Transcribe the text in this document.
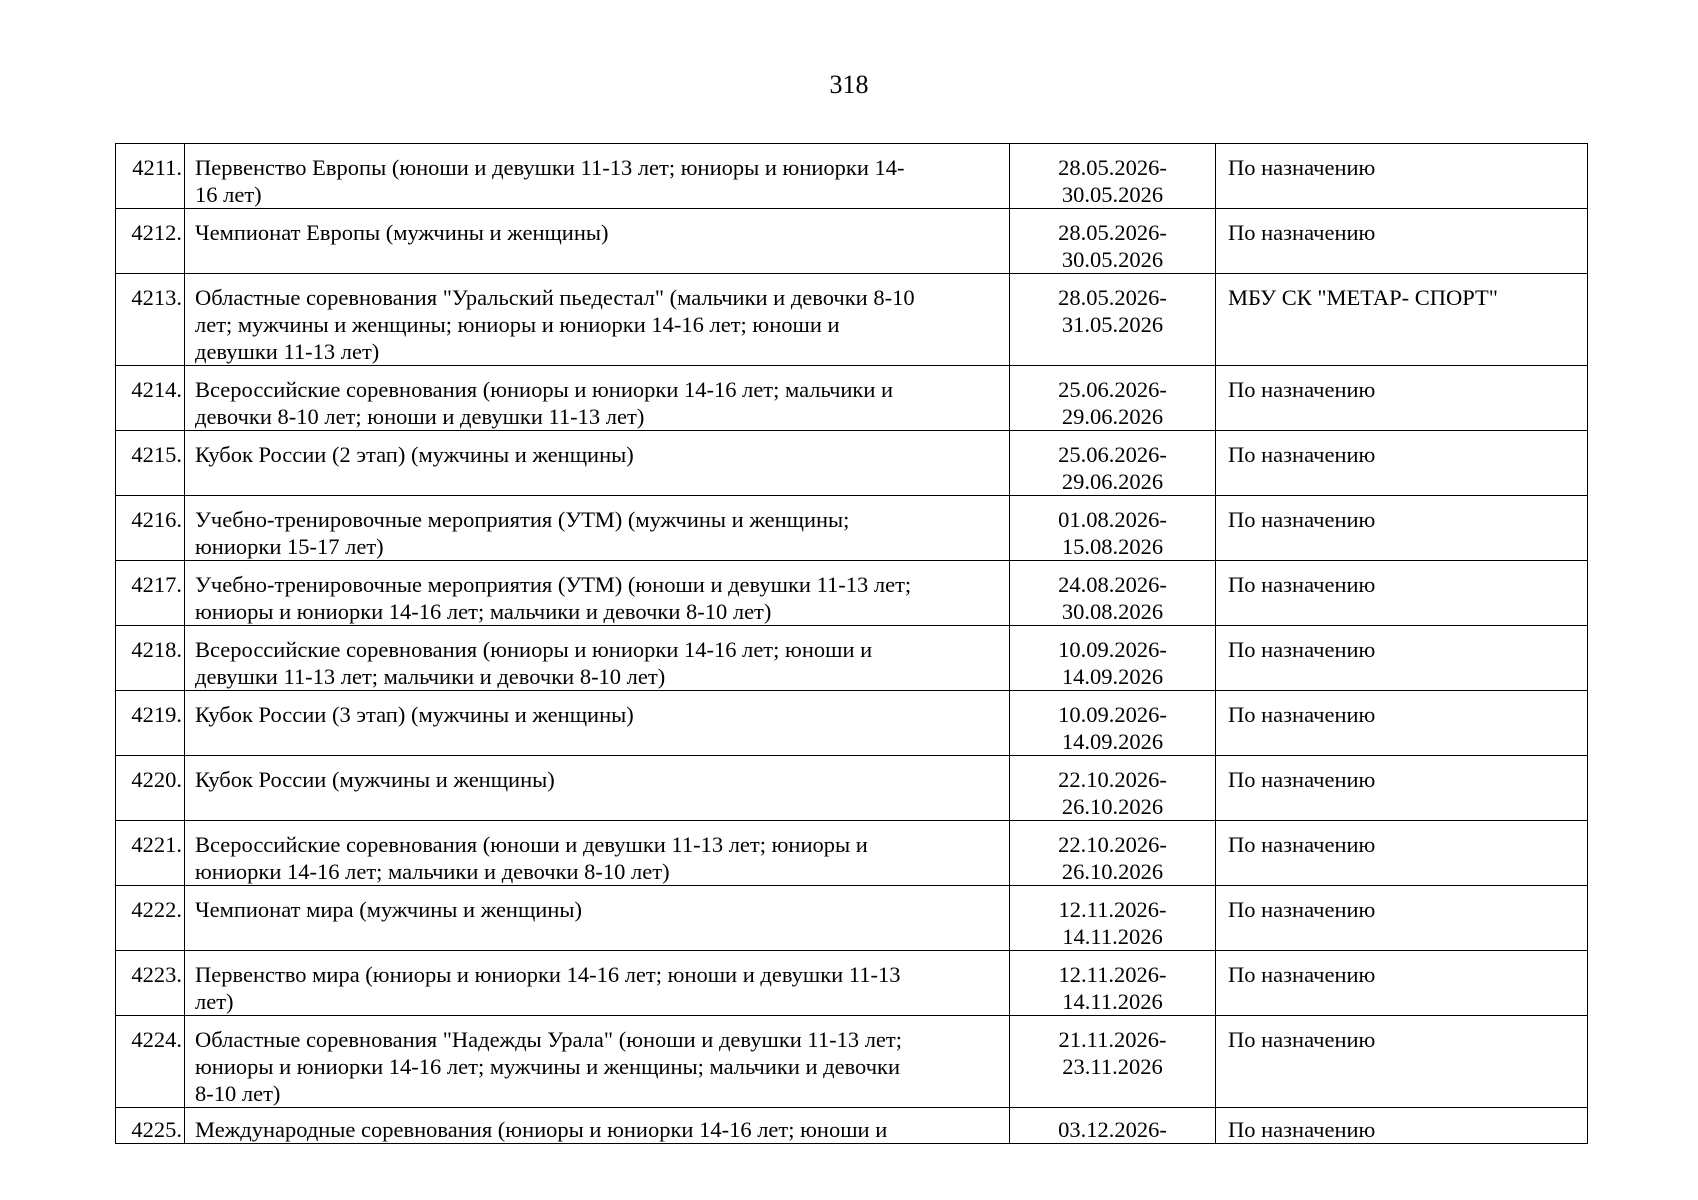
318
4211.	Первенство Европы (юноши и девушки 11-13 лет; юниоры и юниорки 14-
16 лет)	28.05.2026-
30.05.2026	По назначению

4212.	Чемпионат Европы (мужчины и женщины)	28.05.2026-
30.05.2026	По назначению

4213.	Областные соревнования "Уральский пьедестал" (мальчики и девочки 8-10
лет; мужчины и женщины; юниоры и юниорки 14-16 лет; юноши и
девушки 11-13 лет)	28.05.2026-
31.05.2026	МБУ СК "МЕТАР- СПОРТ"

4214.	Всероссийские соревнования (юниоры и юниорки 14-16 лет; мальчики и
девочки 8-10 лет; юноши и девушки 11-13 лет)	25.06.2026-
29.06.2026	По назначению

4215.	Кубок России (2 этап) (мужчины и женщины)	25.06.2026-
29.06.2026	По назначению

4216.	Учебно-тренировочные мероприятия (УТМ) (мужчины и женщины;
юниорки 15-17 лет)	01.08.2026-
15.08.2026	По назначению

4217.	Учебно-тренировочные мероприятия (УТМ) (юноши и девушки 11-13 лет;
юниоры и юниорки 14-16 лет; мальчики и девочки 8-10 лет)	24.08.2026-
30.08.2026	По назначению

4218.	Всероссийские соревнования (юниоры и юниорки 14-16 лет; юноши и
девушки 11-13 лет; мальчики и девочки 8-10 лет)	10.09.2026-
14.09.2026	По назначению

4219.	Кубок России (3 этап) (мужчины и женщины)	10.09.2026-
14.09.2026	По назначению

4220.	Кубок России (мужчины и женщины)	22.10.2026-
26.10.2026	По назначению

4221.	Всероссийские соревнования (юноши и девушки 11-13 лет; юниоры и
юниорки 14-16 лет; мальчики и девочки 8-10 лет)	22.10.2026-
26.10.2026	По назначению

4222.	Чемпионат мира (мужчины и женщины)	12.11.2026-
14.11.2026	По назначению

4223.	Первенство мира (юниоры и юниорки 14-16 лет; юноши и девушки 11-13
лет)	12.11.2026-
14.11.2026	По назначению

4224.	Областные соревнования "Надежды Урала" (юноши и девушки 11-13 лет;
юниоры и юниорки 14-16 лет; мужчины и женщины; мальчики и девочки
8-10 лет)	21.11.2026-
23.11.2026	По назначению

4225.	Международные соревнования (юниоры и юниорки 14-16 лет; юноши и	03.12.2026-	По назначению
